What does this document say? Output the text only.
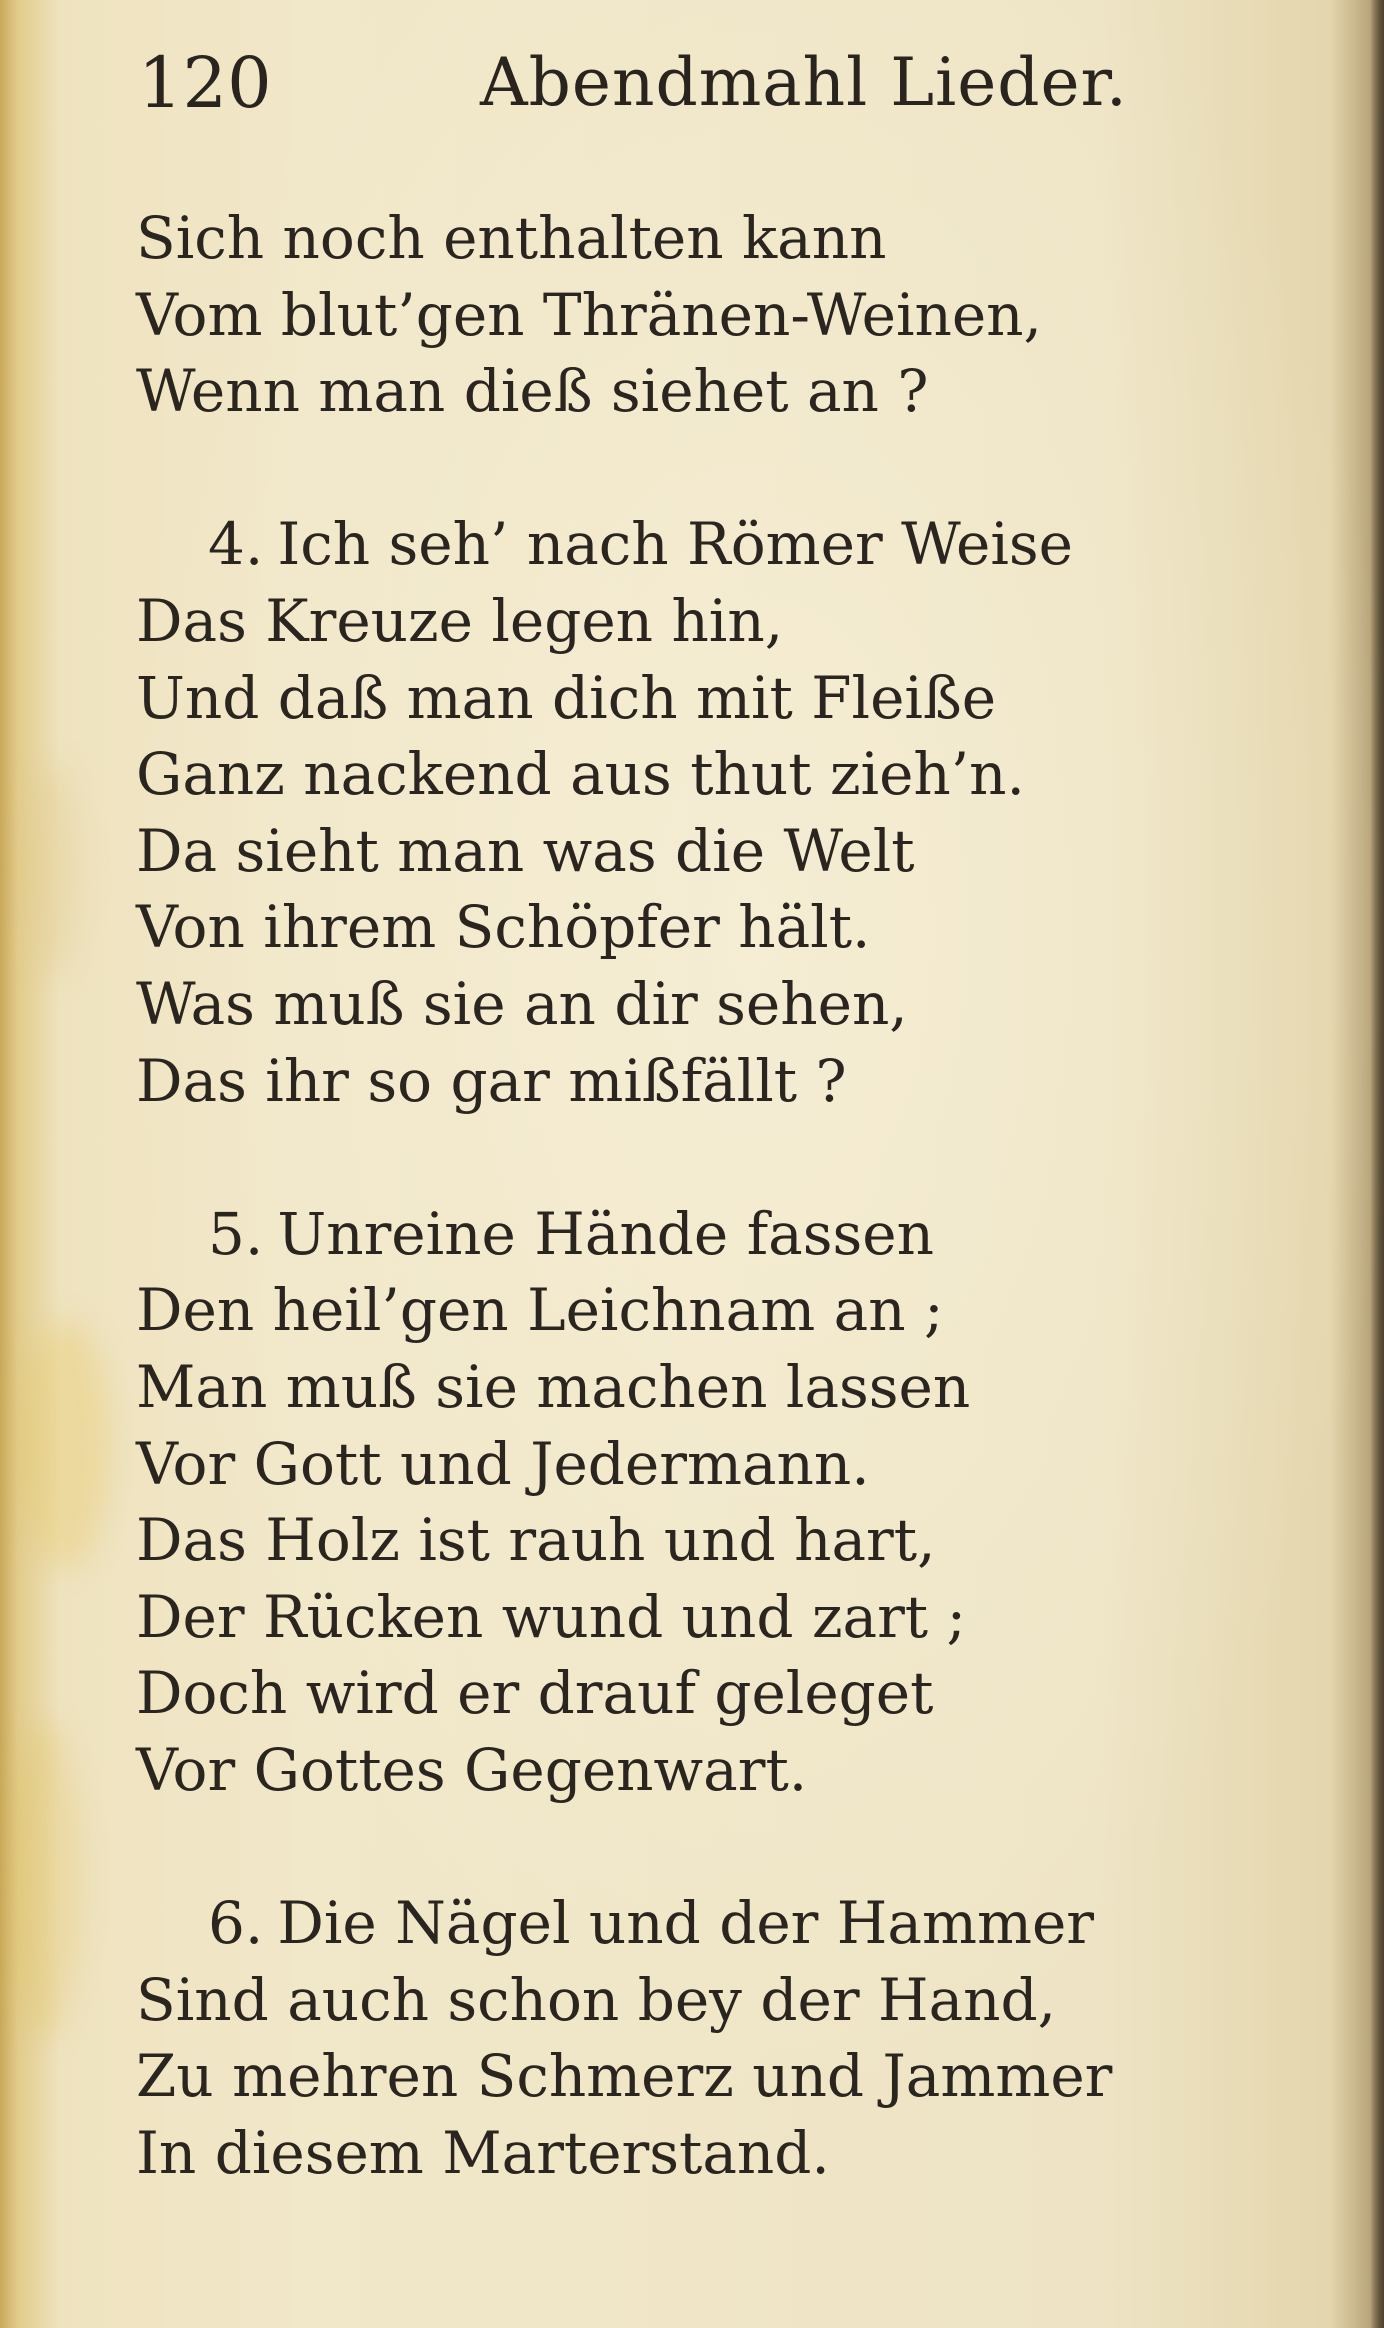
120	Abendmahl Lieder.
Sich noch enthalten kann
Vom blut’gen Thränen-Weinen,
Wenn man dieß siehet an ?
4. Ich seh’ nach Römer Weise
Das Kreuze legen hin,
Und daß man dich mit Fleiße
Ganz nackend aus thut zieh’n.
Da sieht man was die Welt
Von ihrem Schöpfer hält.
Was muß sie an dir sehen,
Das ihr so gar mißfällt ?
5. Unreine Hände fassen
Den heil’gen Leichnam an ;
Man muß sie machen lassen
Vor Gott und Jedermann.
Das Holz ist rauh und hart,
Der Rücken wund und zart ;
Doch wird er drauf geleget
Vor Gottes Gegenwart.
6. Die Nägel und der Hammer
Sind auch schon bey der Hand,
Zu mehren Schmerz und Jammer
In diesem Marterstand.
